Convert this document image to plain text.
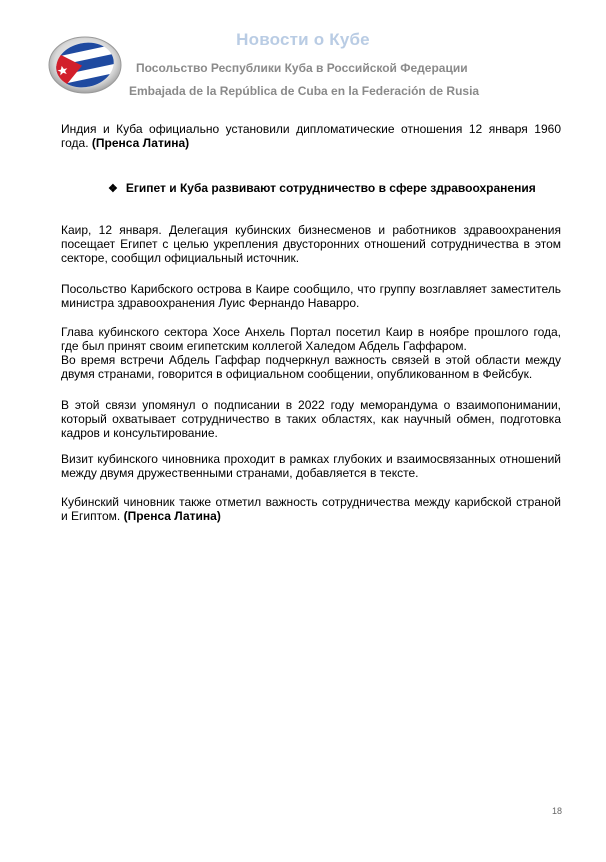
Новости о Кубе
Посольство Республики Куба в Российской Федерации
Embajada de la República de Cuba en la Federación de Rusia
Индия и Куба официально установили дипломатические отношения 12 января 1960 года. (Пренса Латина)
❖ Египет и Куба развивают сотрудничество в сфере здравоохранения
Каир, 12 января. Делегация кубинских бизнесменов и работников здравоохранения посещает Египет с целью укрепления двусторонних отношений сотрудничества в этом секторе, сообщил официальный источник.
Посольство Карибского острова в Каире сообщило, что группу возглавляет заместитель министра здравоохранения Луис Фернандо Наварро.
Глава кубинского сектора Хосе Анхель Портал посетил Каир в ноябре прошлого года, где был принят своим египетским коллегой Халедом Абдель Гаффаром.
Во время встречи Абдель Гаффар подчеркнул важность связей в этой области между двумя странами, говорится в официальном сообщении, опубликованном в Фейсбук.
В этой связи упомянул о подписании в 2022 году меморандума о взаимопонимании, который охватывает сотрудничество в таких областях, как научный обмен, подготовка кадров и консультирование.
Визит кубинского чиновника проходит в рамках глубоких и взаимосвязанных отношений между двумя дружественными странами, добавляется в тексте.
Кубинский чиновник также отметил важность сотрудничества между карибской страной и Египтом. (Пренса Латина)
18
